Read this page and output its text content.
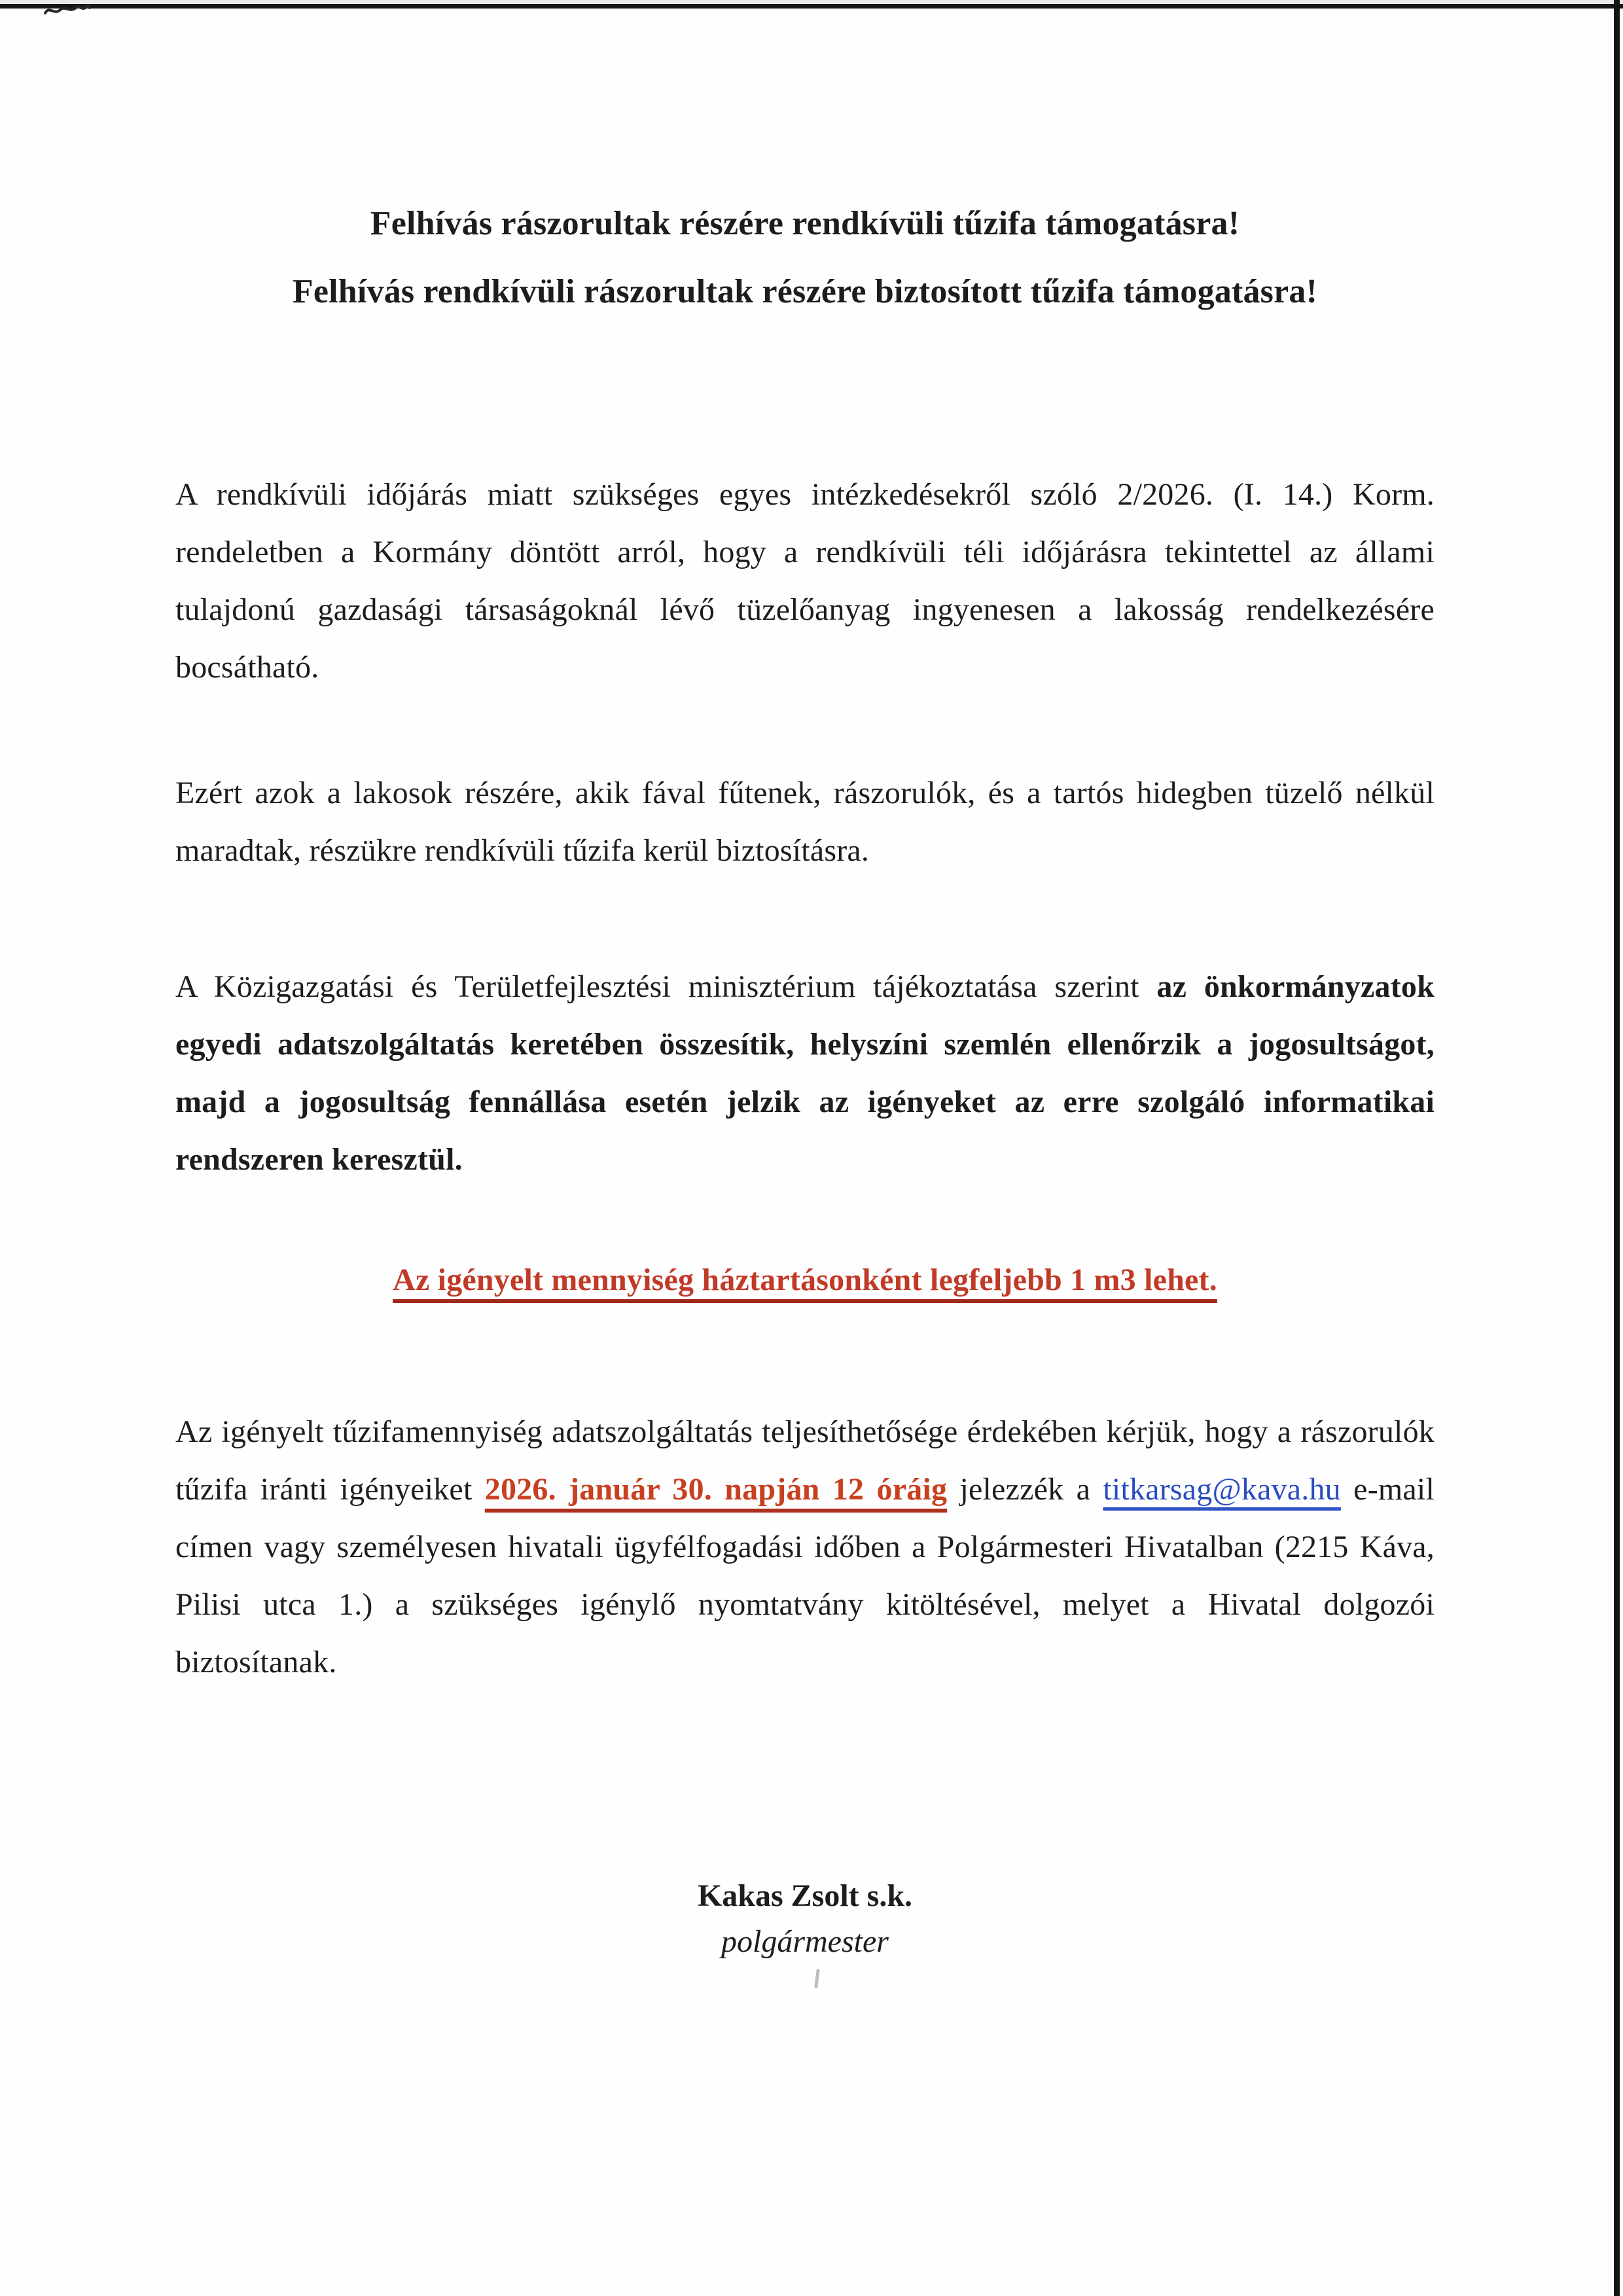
Felhívás rászorultak részére rendkívüli tűzifa támogatásra!
Felhívás rendkívüli rászorultak részére biztosított tűzifa támogatásra!
A rendkívüli időjárás miatt szükséges egyes intézkedésekről szóló 2/2026. (I. 14.) Korm. rendeletben a Kormány döntött arról, hogy a rendkívüli téli időjárásra tekintettel az állami tulajdonú gazdasági társaságoknál lévő tüzelőanyag ingyenesen a lakosság rendelkezésére bocsátható.
Ezért azok a lakosok részére, akik fával fűtenek, rászorulók, és a tartós hidegben tüzelő nélkül maradtak, részükre rendkívüli tűzifa kerül biztosításra.
A Közigazgatási és Területfejlesztési minisztérium tájékoztatása szerint az önkormányzatok egyedi adatszolgáltatás keretében összesítik, helyszíni szemlén ellenőrzik a jogosultságot, majd a jogosultság fennállása esetén jelzik az igényeket az erre szolgáló informatikai rendszeren keresztül.
Az igényelt mennyiség háztartásonként legfeljebb 1 m3 lehet.
Az igényelt tűzifamennyiség adatszolgáltatás teljesíthetősége érdekében kérjük, hogy a rászorulók tűzifa iránti igényeiket 2026. január 30. napján 12 óráig jelezzék a titkarsag@kava.hu e-mail címen vagy személyesen hivatali ügyfélfogadási időben a Polgármesteri Hivatalban (2215 Káva, Pilisi utca 1.) a szükséges igénylő nyomtatvány kitöltésével, melyet a Hivatal dolgozói biztosítanak.
Kakas Zsolt s.k.
polgármester
